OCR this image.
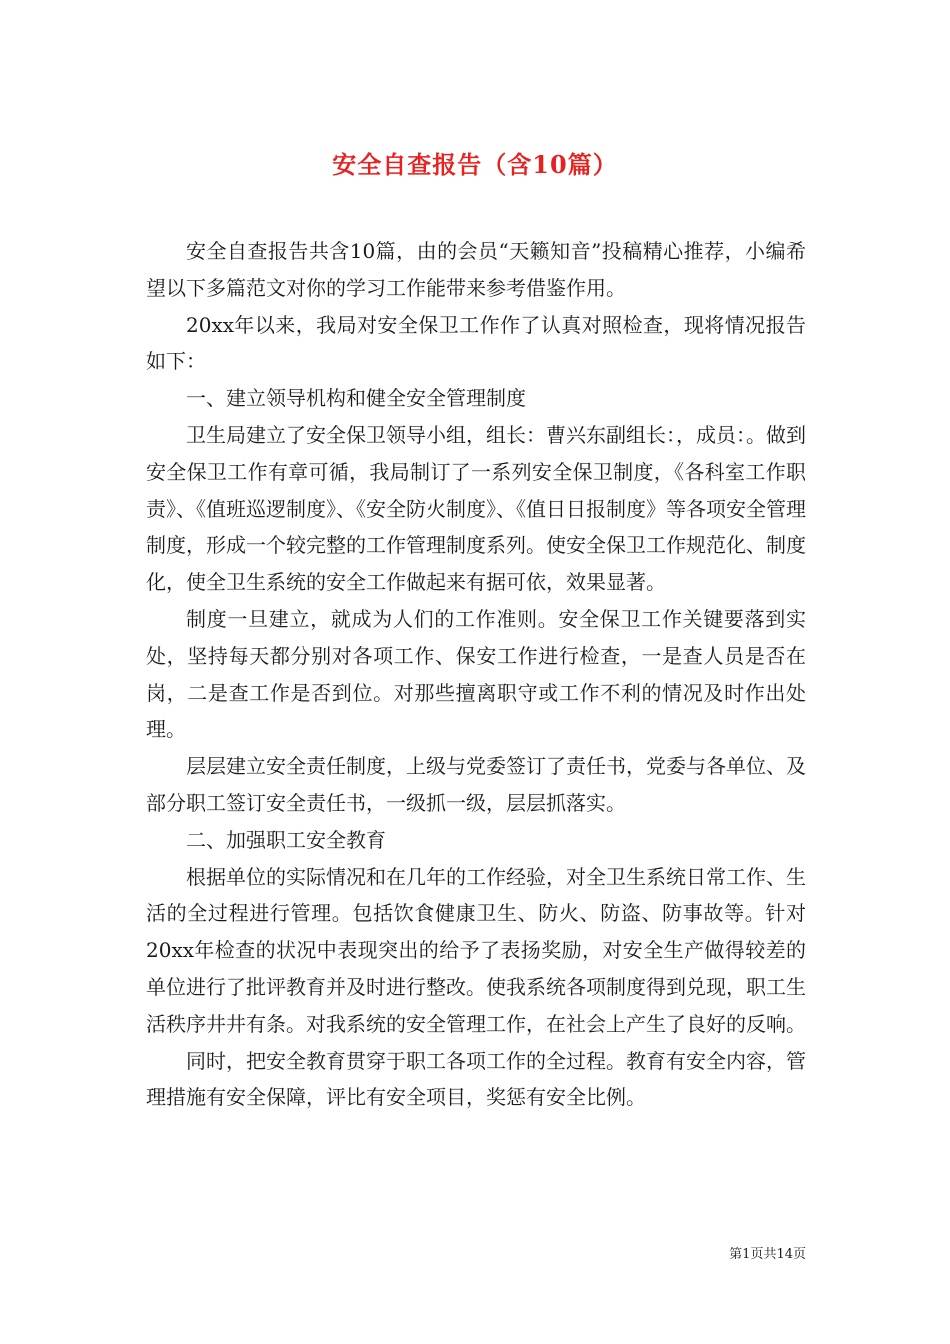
安全自查报告（含10篇）

安全自查报告共含10篇，由的会员“天籁知音”投稿精心推荐，小编希望以下多篇范文对你的学习工作能带来参考借鉴作用。

20xx年以来，我局对安全保卫工作作了认真对照检查，现将情况报告如下：

一、建立领导机构和健全安全管理制度

卫生局建立了安全保卫领导小组，组长：曹兴东副组长：，成员：。做到安全保卫工作有章可循，我局制订了一系列安全保卫制度，《各科室工作职责》、《值班巡逻制度》、《安全防火制度》、《值日日报制度》等各项安全管理制度，形成一个较完整的工作管理制度系列。使安全保卫工作规范化、制度化，使全卫生系统的安全工作做起来有据可依，效果显著。

制度一旦建立，就成为人们的工作准则。安全保卫工作关键要落到实处，坚持每天都分别对各项工作、保安工作进行检查，一是查人员是否在岗，二是查工作是否到位。对那些擅离职守或工作不利的情况及时作出处理。

层层建立安全责任制度，上级与党委签订了责任书，党委与各单位、及部分职工签订安全责任书，一级抓一级，层层抓落实。

二、加强职工安全教育

根据单位的实际情况和在几年的工作经验，对全卫生系统日常工作、生活的全过程进行管理。包括饮食健康卫生、防火、防盗、防事故等。针对20xx年检查的状况中表现突出的给予了表扬奖励，对安全生产做得较差的单位进行了批评教育并及时进行整改。使我系统各项制度得到兑现，职工生活秩序井井有条。对我系统的安全管理工作，在社会上产生了良好的反响。

同时，把安全教育贯穿于职工各项工作的全过程。教育有安全内容，管理措施有安全保障，评比有安全项目，奖惩有安全比例。

第1页共14页
